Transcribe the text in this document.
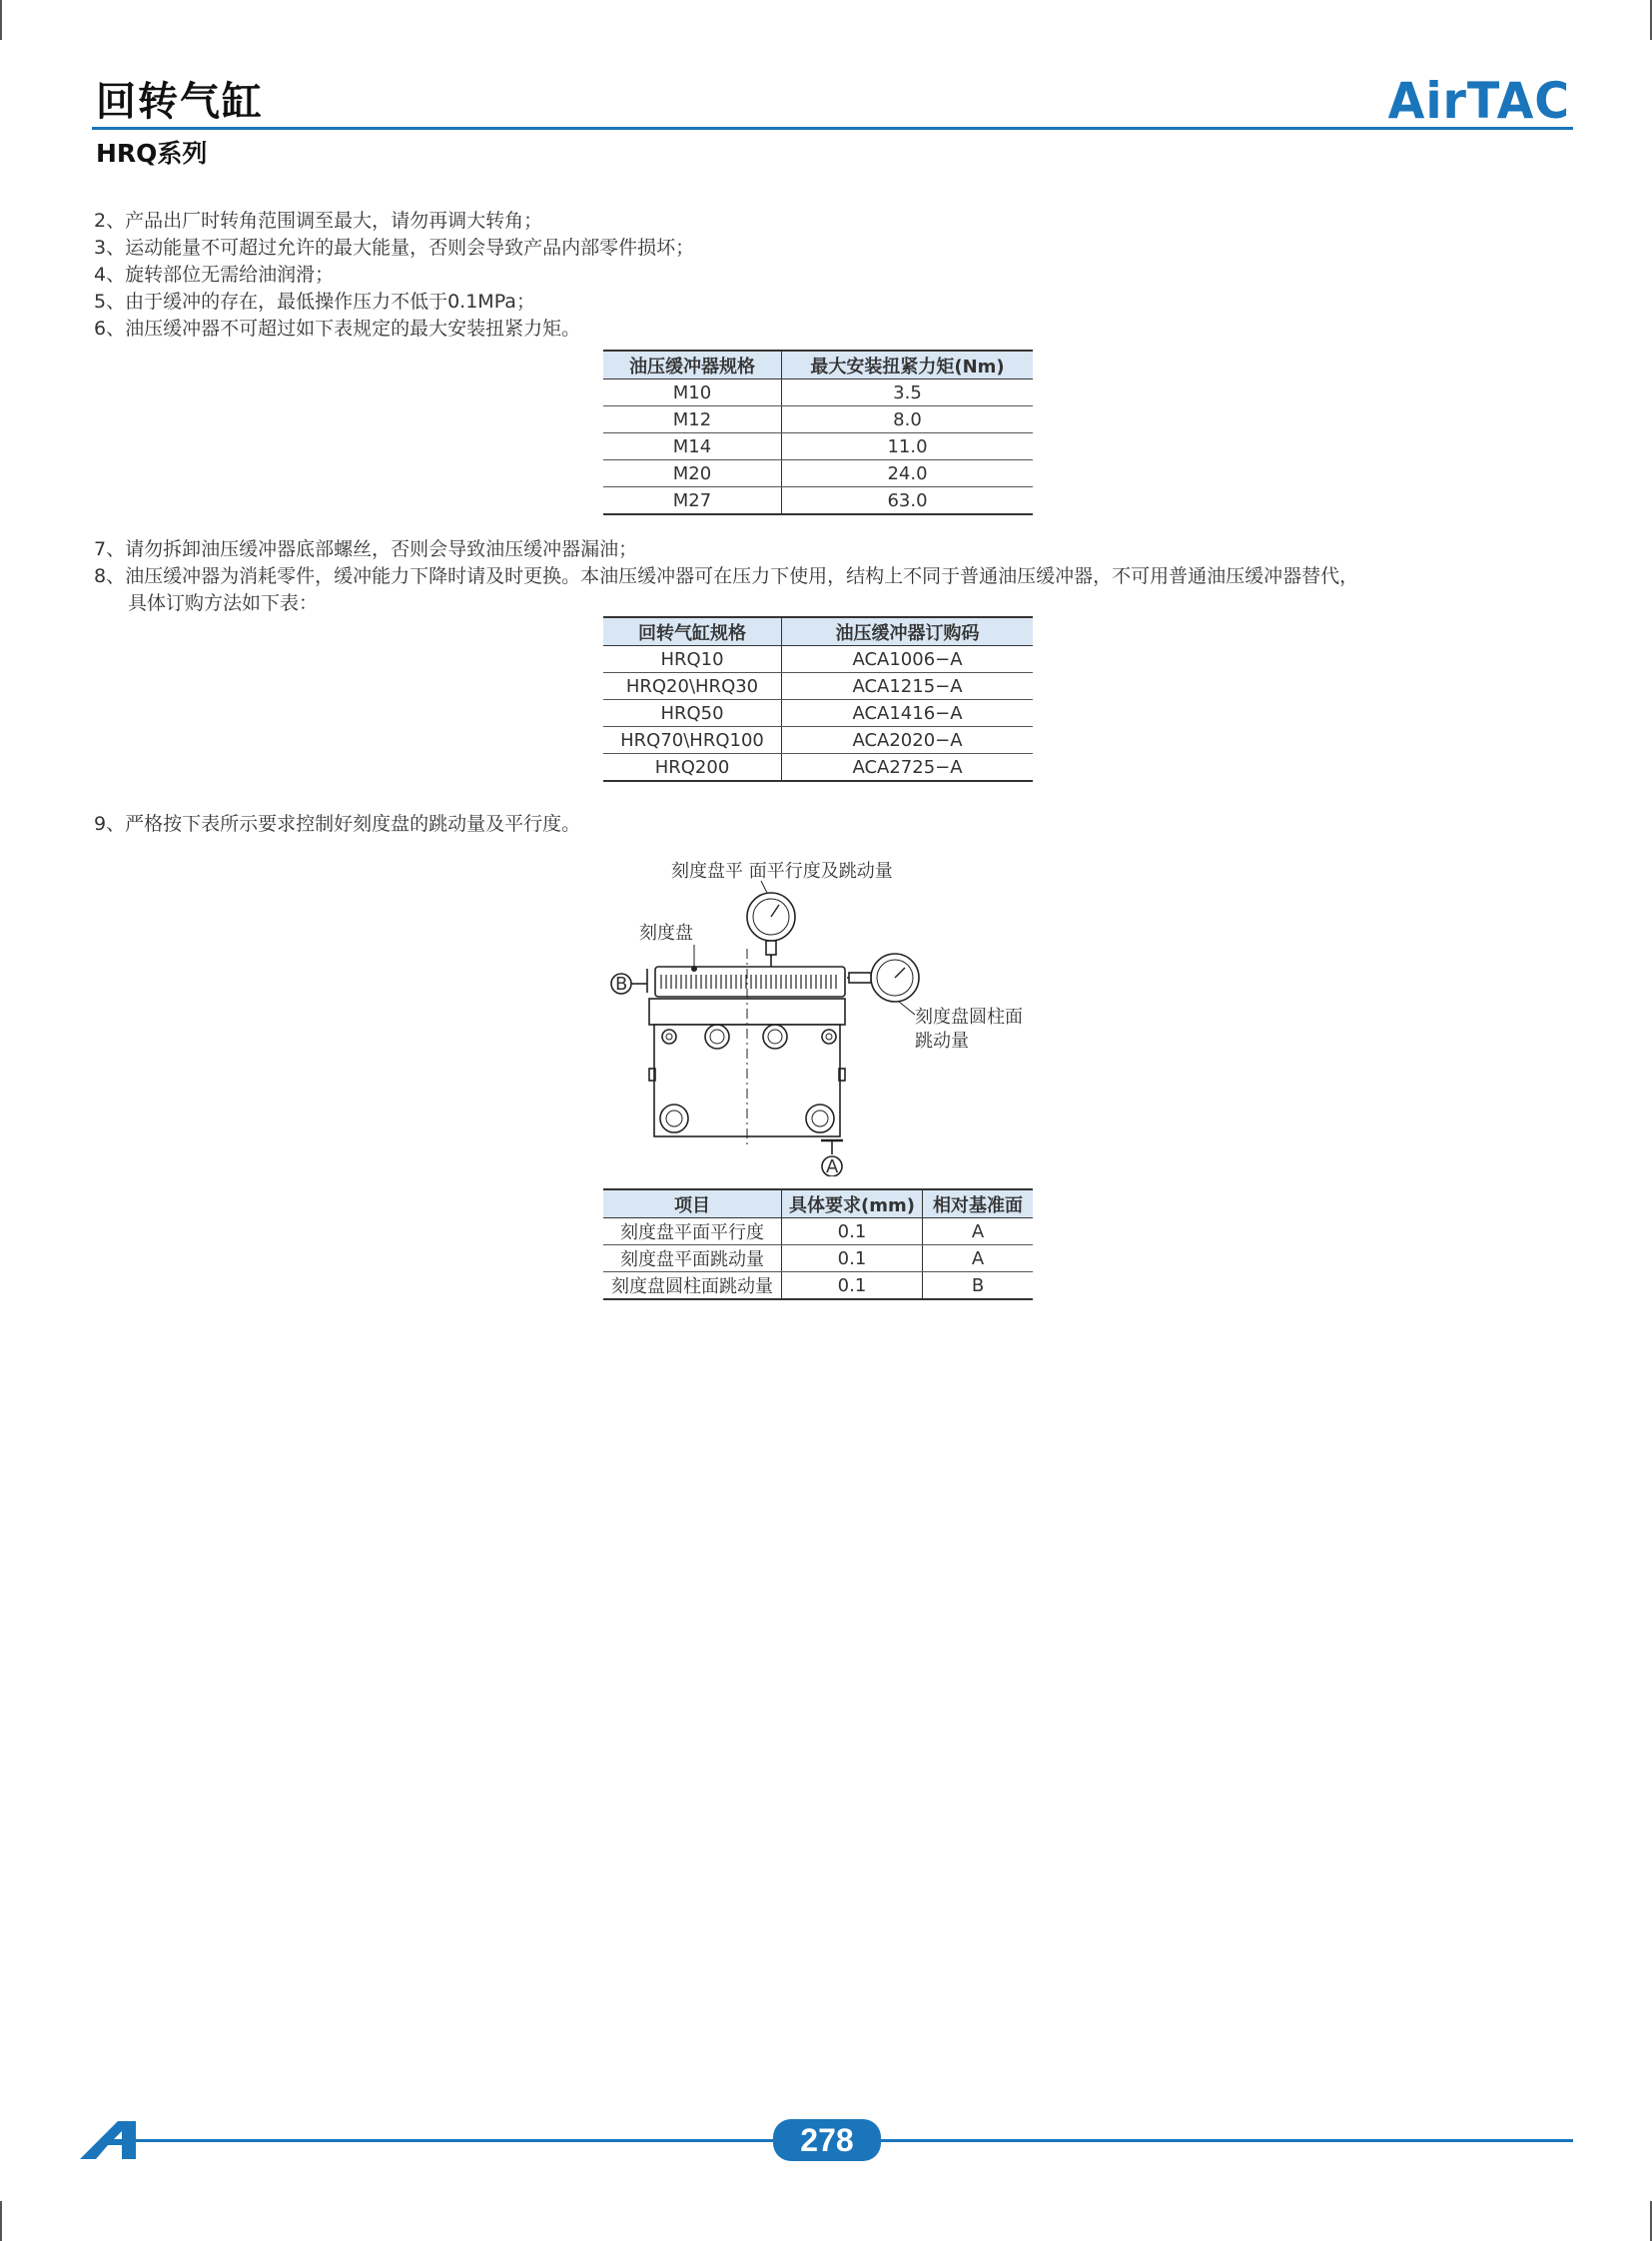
回转气缸
HRQ系列
AirTAC
2、产品出厂时转角范围调至最大，请勿再调大转角；
3、运动能量不可超过允许的最大能量，否则会导致产品内部零件损坏；
4、旋转部位无需给油润滑；
5、由于缓冲的存在，最低操作压力不低于0.1MPa；
6、油压缓冲器不可超过如下表规定的最大安装扭紧力矩。
油压缓冲器规格	最大安装扭紧力矩(Nm)
M10	3.5
M12	8.0
M14	11.0
M20	24.0
M27	63.0
7、请勿拆卸油压缓冲器底部螺丝，否则会导致油压缓冲器漏油；
8、油压缓冲器为消耗零件，缓冲能力下降时请及时更换。本油压缓冲器可在压力下使用，结构上不同于普通油压缓冲器，不可用普通油压缓冲器替代，
具体订购方法如下表：
回转气缸规格	油压缓冲器订购码
HRQ10	ACA1006−A
HRQ20\HRQ30	ACA1215−A
HRQ50	ACA1416−A
HRQ70\HRQ100	ACA2020−A
HRQ200	ACA2725−A
9、严格按下表所示要求控制好刻度盘的跳动量及平行度。
刻度盘平 面平行度及跳动量
刻度盘
刻度盘圆柱面
跳动量
B
A
项目	具体要求(mm)	相对基准面
刻度盘平面平行度	0.1	A
刻度盘平面跳动量	0.1	A
刻度盘圆柱面跳动量	0.1	B
278
